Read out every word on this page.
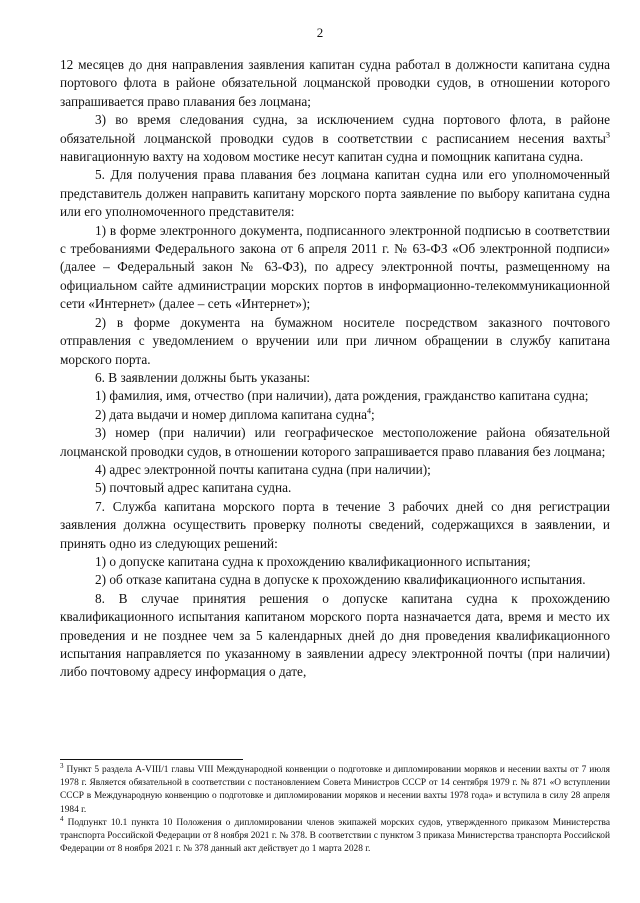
2

12 месяцев до дня направления заявления капитан судна работал в должности капитана судна портового флота в районе обязательной лоцманской проводки судов, в отношении которого запрашивается право плавания без лоцмана;

3) во время следования судна, за исключением судна портового флота, в районе обязательной лоцманской проводки судов в соответствии с расписанием несения вахты$^3$ навигационную вахту на ходовом мостике несут капитан судна и помощник капитана судна.

5. Для получения права плавания без лоцмана капитан судна или его уполномоченный представитель должен направить капитану морского порта заявление по выбору капитана судна или его уполномоченного представителя:

1) в форме электронного документа, подписанного электронной подписью в соответствии с требованиями Федерального закона от 6 апреля 2011 г. № 63-ФЗ «Об электронной подписи» (далее – Федеральный закон № 63-ФЗ), по адресу электронной почты, размещенному на официальном сайте администрации морских портов в информационно-телекоммуникационной сети «Интернет» (далее – сеть «Интернет»);

2) в форме документа на бумажном носителе посредством заказного почтового отправления с уведомлением о вручении или при личном обращении в службу капитана морского порта.

6. В заявлении должны быть указаны:

1) фамилия, имя, отчество (при наличии), дата рождения, гражданство капитана судна;

2) дата выдачи и номер диплома капитана судна$^4$;

3) номер (при наличии) или географическое местоположение района обязательной лоцманской проводки судов, в отношении которого запрашивается право плавания без лоцмана;

4) адрес электронной почты капитана судна (при наличии);

5) почтовый адрес капитана судна.

7. Служба капитана морского порта в течение 3 рабочих дней со дня регистрации заявления должна осуществить проверку полноты сведений, содержащихся в заявлении, и принять одно из следующих решений:

1) о допуске капитана судна к прохождению квалификационного испытания;

2) об отказе капитана судна в допуске к прохождению квалификационного испытания.

8. В случае принятия решения о допуске капитана судна к прохождению квалификационного испытания капитаном морского порта назначается дата, время и место их проведения и не позднее чем за 5 календарных дней до дня проведения квалификационного испытания направляется по указанному в заявлении адресу электронной почты (при наличии) либо почтовому адресу информация о дате,

$^3$ Пункт 5 раздела A-VIII/1 главы VIII Международной конвенции о подготовке и дипломировании моряков и несении вахты от 7 июля 1978 г. Является обязательной в соответствии с постановлением Совета Министров СССР от 14 сентября 1979 г. № 871 «О вступлении СССР в Международную конвенцию о подготовке и дипломировании моряков и несении вахты 1978 года» и вступила в силу 28 апреля 1984 г.

$^4$ Подпункт 10.1 пункта 10 Положения о дипломировании членов экипажей морских судов, утвержденного приказом Министерства транспорта Российской Федерации от 8 ноября 2021 г. № 378. В соответствии с пунктом 3 приказа Министерства транспорта Российской Федерации от 8 ноября 2021 г. № 378 данный акт действует до 1 марта 2028 г.
